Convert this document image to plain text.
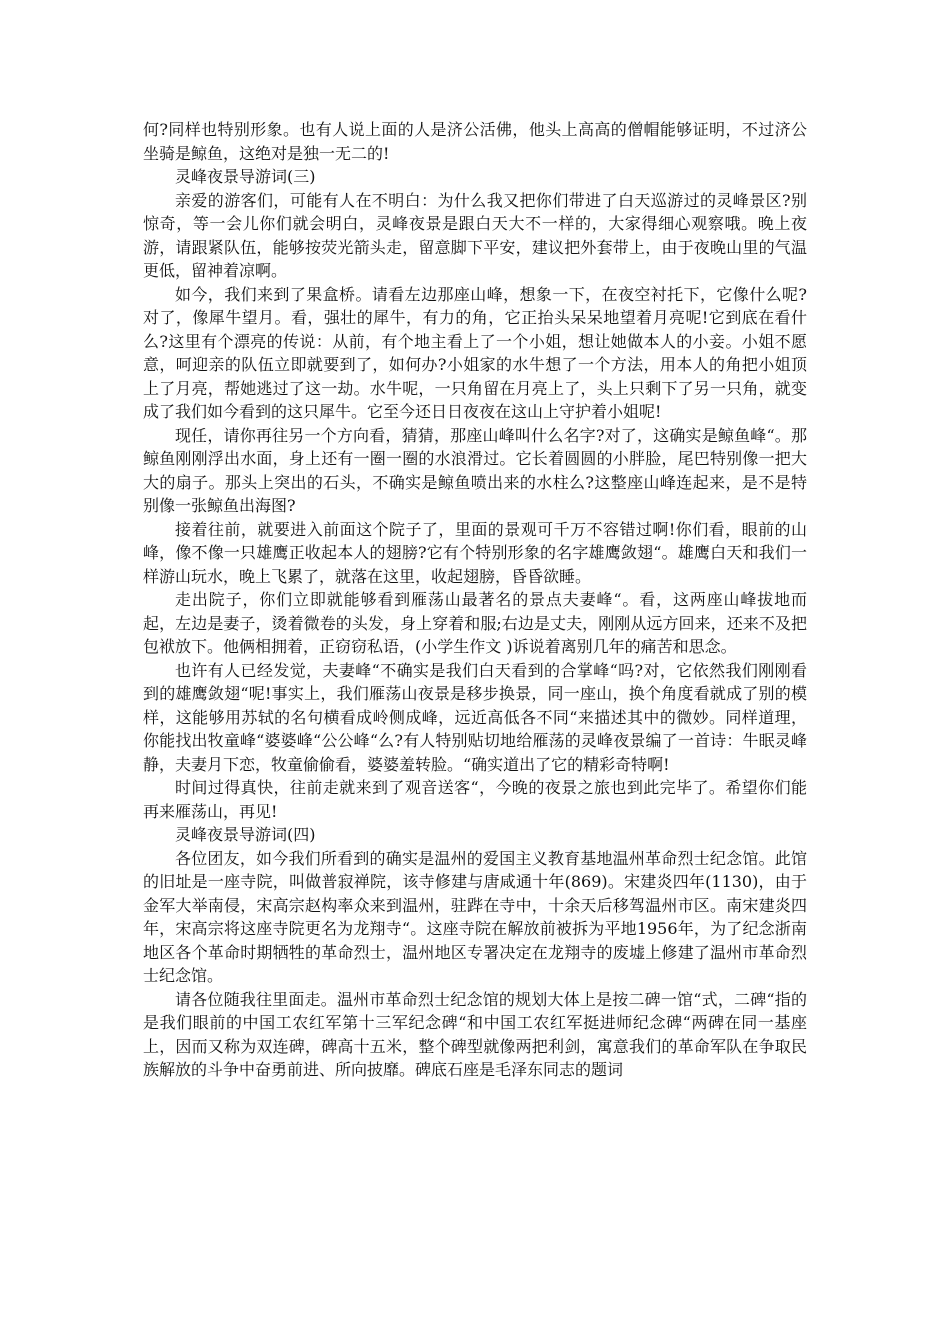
何?同样也特别形象。也有人说上面的人是济公活佛，他头上高高的僧帽能够证明，不过济公坐骑是鲸鱼，这绝对是独一无二的!

灵峰夜景导游词(三)

亲爱的游客们，可能有人在不明白：为什么我又把你们带进了白天巡游过的灵峰景区?别惊奇，等一会儿你们就会明白，灵峰夜景是跟白天大不一样的，大家得细心观察哦。晚上夜游，请跟紧队伍，能够按荧光箭头走，留意脚下平安，建议把外套带上，由于夜晚山里的气温更低，留神着凉啊。

如今，我们来到了果盒桥。请看左边那座山峰，想象一下，在夜空衬托下，它像什么呢?对了，像犀牛望月。看，强壮的犀牛，有力的角，它正抬头呆呆地望着月亮呢!它到底在看什么?这里有个漂亮的传说：从前，有个地主看上了一个小姐，想让她做本人的小妾。小姐不愿意，呵迎亲的队伍立即就要到了，如何办?小姐家的水牛想了一个方法，用本人的角把小姐顶上了月亮，帮她逃过了这一劫。水牛呢，一只角留在月亮上了，头上只剩下了另一只角，就变成了我们如今看到的这只犀牛。它至今还日日夜夜在这山上守护着小姐呢!

现任，请你再往另一个方向看，猜猜，那座山峰叫什么名字?对了，这确实是鲸鱼峰“。那鲸鱼刚刚浮出水面，身上还有一圈一圈的水浪滑过。它长着圆圆的小胖脸，尾巴特别像一把大大的扇子。那头上突出的石头，不确实是鲸鱼喷出来的水柱么?这整座山峰连起来，是不是特别像一张鲸鱼出海图?

接着往前，就要进入前面这个院子了，里面的景观可千万不容错过啊!你们看，眼前的山峰，像不像一只雄鹰正收起本人的翅膀?它有个特别形象的名字雄鹰敛翅“。雄鹰白天和我们一样游山玩水，晚上飞累了，就落在这里，收起翅膀，昏昏欲睡。

走出院子，你们立即就能够看到雁荡山最著名的景点夫妻峰“。看，这两座山峰拔地而起，左边是妻子，烫着微卷的头发，身上穿着和服;右边是丈夫，刚刚从远方回来，还来不及把包袱放下。他俩相拥着，正窃窃私语，(小学生作文 )诉说着离别几年的痛苦和思念。

也许有人已经发觉，夫妻峰“不确实是我们白天看到的合掌峰“吗?对，它依然我们刚刚看到的雄鹰敛翅“呢!事实上，我们雁荡山夜景是移步换景，同一座山，换个角度看就成了别的模样，这能够用苏轼的名句横看成岭侧成峰，远近高低各不同“来描述其中的微妙。同样道理，你能找出牧童峰“婆婆峰“公公峰“么?有人特别贴切地给雁荡的灵峰夜景编了一首诗：牛眠灵峰静，夫妻月下恋，牧童偷偷看，婆婆羞转脸。“确实道出了它的精彩奇特啊!

时间过得真快，往前走就来到了观音送客“，今晚的夜景之旅也到此完毕了。希望你们能再来雁荡山，再见!

灵峰夜景导游词(四)

各位团友，如今我们所看到的确实是温州的爱国主义教育基地温州革命烈士纪念馆。此馆的旧址是一座寺院，叫做普寂禅院，该寺修建与唐咸通十年(869)。宋建炎四年(1130)，由于金军大举南侵，宋高宗赵构率众来到温州，驻跸在寺中，十余天后移驾温州市区。南宋建炎四年，宋高宗将这座寺院更名为龙翔寺“。这座寺院在解放前被拆为平地1956年，为了纪念浙南地区各个革命时期牺牲的革命烈士，温州地区专署决定在龙翔寺的废墟上修建了温州市革命烈士纪念馆。

请各位随我往里面走。温州市革命烈士纪念馆的规划大体上是按二碑一馆“式，二碑“指的是我们眼前的中国工农红军第十三军纪念碑“和中国工农红军挺进师纪念碑“两碑在同一基座上，因而又称为双连碑，碑高十五米，整个碑型就像两把利剑，寓意我们的革命军队在争取民族解放的斗争中奋勇前进、所向披靡。碑底石座是毛泽东同志的题词
